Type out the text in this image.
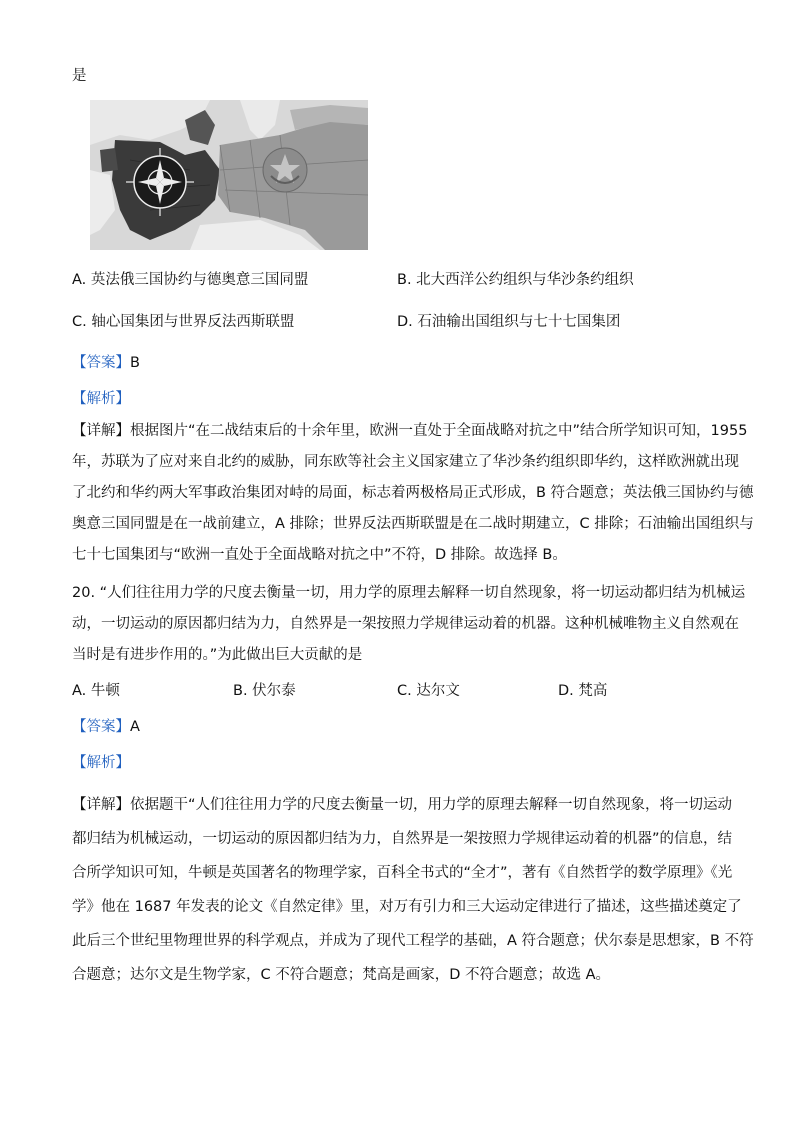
是
A. 英法俄三国协约与德奥意三国同盟	B. 北大西洋公约组织与华沙条约组织
C. 轴心国集团与世界反法西斯联盟	D. 石油输出国组织与七十七国集团
【答案】B
【解析】
【详解】根据图片“在二战结束后的十余年里，欧洲一直处于全面战略对抗之中”结合所学知识可知，1955
年，苏联为了应对来自北约的威胁，同东欧等社会主义国家建立了华沙条约组织即华约，这样欧洲就出现
了北约和华约两大军事政治集团对峙的局面，标志着两极格局正式形成，B 符合题意；英法俄三国协约与德
奥意三国同盟是在一战前建立，A 排除；世界反法西斯联盟是在二战时期建立，C 排除；石油输出国组织与
七十七国集团与“欧洲一直处于全面战略对抗之中”不符，D 排除。故选择 B。
20. “人们往往用力学的尺度去衡量一切，用力学的原理去解释一切自然现象，将一切运动都归结为机械运
动，一切运动的原因都归结为力，自然界是一架按照力学规律运动着的机器。这种机械唯物主义自然观在
当时是有进步作用的。”为此做出巨大贡献的是
A. 牛顿	B. 伏尔泰	C. 达尔文	D. 梵高
【答案】A
【解析】
【详解】依据题干“人们往往用力学的尺度去衡量一切，用力学的原理去解释一切自然现象，将一切运动
都归结为机械运动，一切运动的原因都归结为力，自然界是一架按照力学规律运动着的机器”的信息，结
合所学知识可知，牛顿是英国著名的物理学家，百科全书式的“全才”，著有《自然哲学的数学原理》《光
学》他在 1687 年发表的论文《自然定律》里，对万有引力和三大运动定律进行了描述，这些描述奠定了
此后三个世纪里物理世界的科学观点，并成为了现代工程学的基础，A 符合题意；伏尔泰是思想家，B 不符
合题意；达尔文是生物学家，C 不符合题意；梵高是画家，D 不符合题意；故选 A。
